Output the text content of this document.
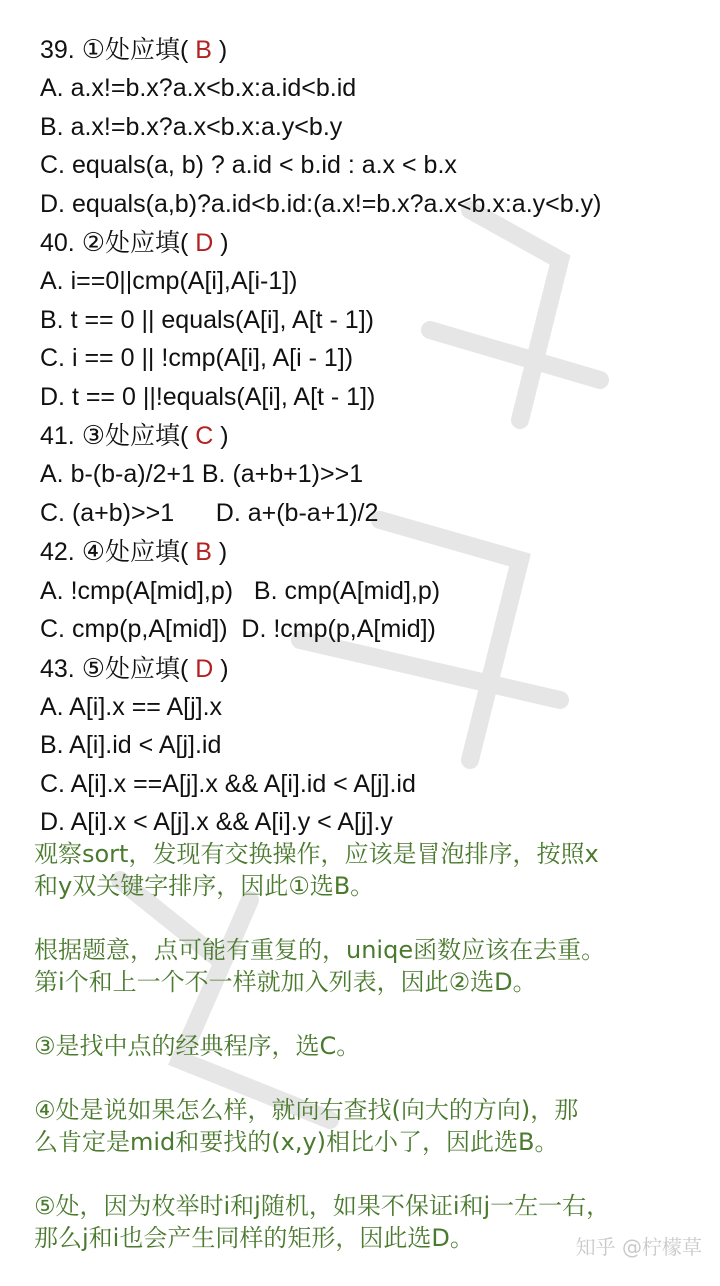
39. ①处应填( B )
A. a.x!=b.x?a.x<b.x:a.id<b.id
B. a.x!=b.x?a.x<b.x:a.y<b.y
C. equals(a, b) ? a.id < b.id : a.x < b.x
D. equals(a,b)?a.id<b.id:(a.x!=b.x?a.x<b.x:a.y<b.y)
40. ②处应填( D )
A. i==0||cmp(A[i],A[i-1])
B. t == 0 || equals(A[i], A[t - 1])
C. i == 0 || !cmp(A[i], A[i - 1])
D. t == 0 ||!equals(A[i], A[t - 1])
41. ③处应填( C )
A. b-(b-a)/2+1 B. (a+b+1)>>1
C. (a+b)>>1      D. a+(b-a+1)/2
42. ④处应填( B )
A. !cmp(A[mid],p)   B. cmp(A[mid],p)
C. cmp(p,A[mid])  D. !cmp(p,A[mid])
43. ⑤处应填( D )
A. A[i].x == A[j].x
B. A[i].id < A[j].id
C. A[i].x ==A[j].x && A[i].id < A[j].id
D. A[i].x < A[j].x && A[i].y < A[j].y

观察sort，发现有交换操作，应该是冒泡排序，按照x
和y双关键字排序，因此①选B。

根据题意，点可能有重复的，uniqe函数应该在去重。
第i个和上一个不一样就加入列表，因此②选D。

③是找中点的经典程序，选C。

④处是说如果怎么样，就向右查找(向大的方向)，那
么肯定是mid和要找的(x,y)相比小了，因此选B。

⑤处，因为枚举时i和j随机，如果不保证i和j一左一右，
那么j和i也会产生同样的矩形，因此选D。	知乎 @柠檬草
